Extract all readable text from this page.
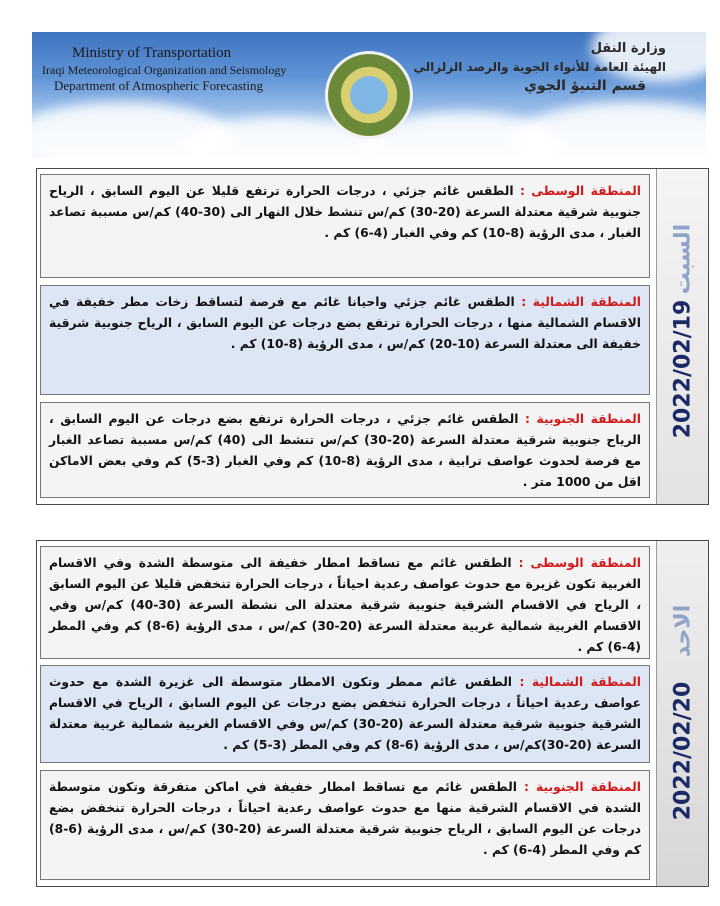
Ministry of Transportation
Iraqi Meteorological Organization and Seismology
Department of Atmospheric Forecasting
وزارة النقل
الهيئة العامة للأنواء الجوية والرصد الزلزالي
قسم التنبؤ الجوي
السبت
2022/02/19
المنطقة الوسطى : الطقس غائم جزئي ، درجات الحرارة ترتفع قليلا عن اليوم السابق ، الرياح جنوبية شرقية معتدلة السرعة (20-30) كم/س تنشط خلال النهار الى (30-40) كم/س مسببة تصاعد الغبار ، مدى الرؤية (8-10) كم وفي الغبار (4-6) كم .
المنطقة الشمالية : الطقس غائم جزئي واحيانا غائم مع فرصة لتساقط زخات مطر خفيفة في الاقسام الشمالية منها ، درجات الحرارة ترتفع بضع درجات عن اليوم السابق ، الرياح جنوبية شرقية خفيفة الى معتدلة السرعة (10-20) كم/س ، مدى الرؤية (8-10) كم .
المنطقة الجنوبية : الطقس غائم جزئي ، درجات الحرارة ترتفع بضع درجات عن اليوم السابق ، الرياح جنوبية شرقية معتدلة السرعة (20-30) كم/س تنشط الى (40) كم/س مسببة تصاعد الغبار مع فرصة لحدوث عواصف ترابية ، مدى الرؤية (8-10) كم وفي الغبار (3-5) كم وفي بعض الاماكن اقل من 1000 متر .
الاحد
2022/02/20
المنطقة الوسطى : الطقس غائم مع تساقط امطار خفيفة الى متوسطة الشدة وفي الاقسام الغربية تكون غزيرة مع حدوث عواصف رعدية احياناً ، درجات الحرارة تنخفض قليلا عن اليوم السابق ، الرياح في الاقسام الشرقية جنوبية شرقية معتدلة الى نشطة السرعة (30-40) كم/س وفي الاقسام الغربية شمالية غربية معتدلة السرعة (20-30) كم/س ، مدى الرؤية (6-8) كم وفي المطر (4-6) كم .
المنطقة الشمالية : الطقس غائم ممطر وتكون الامطار متوسطة الى غزيرة الشدة مع حدوث عواصف رعدية احياناً ، درجات الحرارة تنخفض بضع درجات عن اليوم السابق ، الرياح في الاقسام الشرقية جنوبية شرقية معتدلة السرعة (20-30) كم/س وفي الاقسام الغربية شمالية غربية معتدلة السرعة (20-30)كم/س ، مدى الرؤية (6-8) كم وفي المطر (3-5) كم .
المنطقة الجنوبية : الطقس غائم مع تساقط امطار خفيفة في اماكن متفرقة وتكون متوسطة الشدة في الاقسام الشرقية منها مع حدوث عواصف رعدية احياناً ، درجات الحرارة تنخفض بضع درجات عن اليوم السابق ، الرياح جنوبية شرقية معتدلة السرعة (20-30) كم/س ، مدى الرؤية (6-8) كم وفي المطر (4-6) كم .
